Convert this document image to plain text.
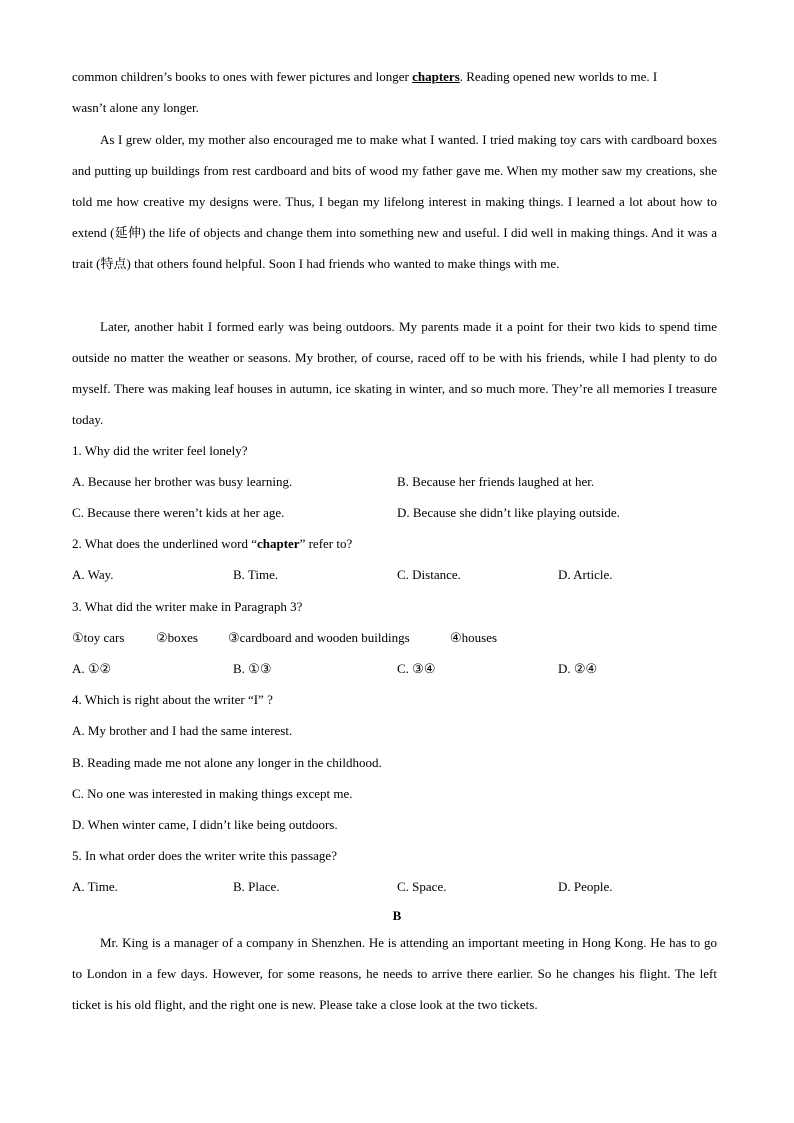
common children’s books to ones with fewer pictures and longer chapters. Reading opened new worlds to me. I
wasn’t alone any longer.
As I grew older, my mother also encouraged me to make what I wanted. I tried making toy cars with cardboard boxes and putting up buildings from rest cardboard and bits of wood my father gave me. When my mother saw my creations, she told me how creative my designs were. Thus, I began my lifelong interest in making things. I learned a lot about how to extend (延伸) the life of objects and change them into something new and useful. I did well in making things. And it was a trait (特点) that others found helpful. Soon I had friends who wanted to make things with me.
Later, another habit I formed early was being outdoors. My parents made it a point for their two kids to spend time outside no matter the weather or seasons. My brother, of course, raced off to be with his friends, while I had plenty to do myself. There was making leaf houses in autumn, ice skating in winter, and so much more. They’re all memories I treasure today.
1. Why did the writer feel lonely?
A. Because her brother was busy learning.	B. Because her friends laughed at her.
C. Because there weren’t kids at her age.	D. Because she didn’t like playing outside.
2. What does the underlined word “chapter” refer to?
A. Way.	B. Time.	C. Distance.	D. Article.
3. What did the writer make in Paragraph 3?
①toy cars ②boxes ③cardboard and wooden buildings	④houses
A. ①②	B. ①③	C. ③④	D. ②④
4. Which is right about the writer “I” ?
A. My brother and I had the same interest.
B. Reading made me not alone any longer in the childhood.
C. No one was interested in making things except me.
D. When winter came, I didn’t like being outdoors.
5. In what order does the writer write this passage?
A. Time.	B. Place.	C. Space.	D. People.
B
Mr. King is a manager of a company in Shenzhen. He is attending an important meeting in Hong Kong. He has to go to London in a few days. However, for some reasons, he needs to arrive there earlier. So he changes his flight. The left ticket is his old flight, and the right one is new. Please take a close look at the two tickets.
